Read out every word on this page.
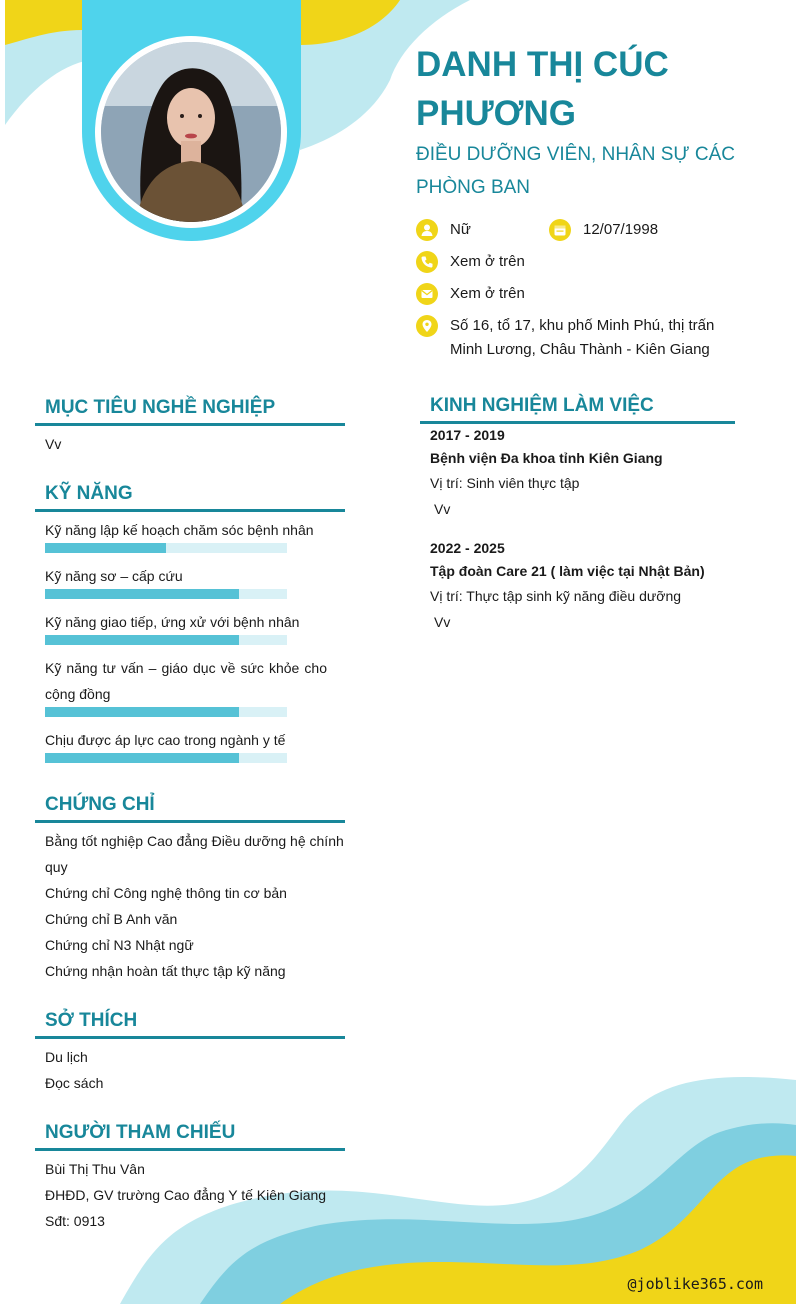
DANH THỊ CÚC PHƯƠNG

ĐIỀU DƯỠNG VIÊN, NHÂN SỰ CÁC PHÒNG BAN

Nữ	12/07/1998
Xem ở trên
Xem ở trên
Số 16, tổ 17, khu phố Minh Phú, thị trấn Minh Lương, Châu Thành - Kiên Giang
MỤC TIÊU NGHỀ NGHIỆP
Vv
KỸ NĂNG
Kỹ năng lập kế hoạch chăm sóc bệnh nhân
Kỹ năng sơ – cấp cứu
Kỹ năng giao tiếp, ứng xử với bệnh nhân
Kỹ năng tư vấn – giáo dục về sức khỏe cho cộng đồng
Chịu được áp lực cao trong ngành y tế
CHỨNG CHỈ
Bằng tốt nghiệp Cao đẳng Điều dưỡng hệ chính quy
Chứng chỉ Công nghệ thông tin cơ bản
Chứng chỉ B Anh văn
Chứng chỉ N3 Nhật ngữ
Chứng nhận hoàn tất thực tập kỹ năng
SỞ THÍCH
Du lịch
Đọc sách
NGƯỜI THAM CHIẾU
Bùi Thị Thu Vân
ĐHĐD, GV trường Cao đẳng Y tế Kiên Giang
Sđt: 0913
KINH NGHIỆM LÀM VIỆC
2017 - 2019
Bệnh viện Đa khoa tỉnh Kiên Giang
Vị trí: Sinh viên thực tập
Vv
2022 - 2025
Tập đoàn Care 21 ( làm việc tại Nhật Bản)
Vị trí: Thực tập sinh kỹ năng điều dưỡng
Vv
@joblike365.com
